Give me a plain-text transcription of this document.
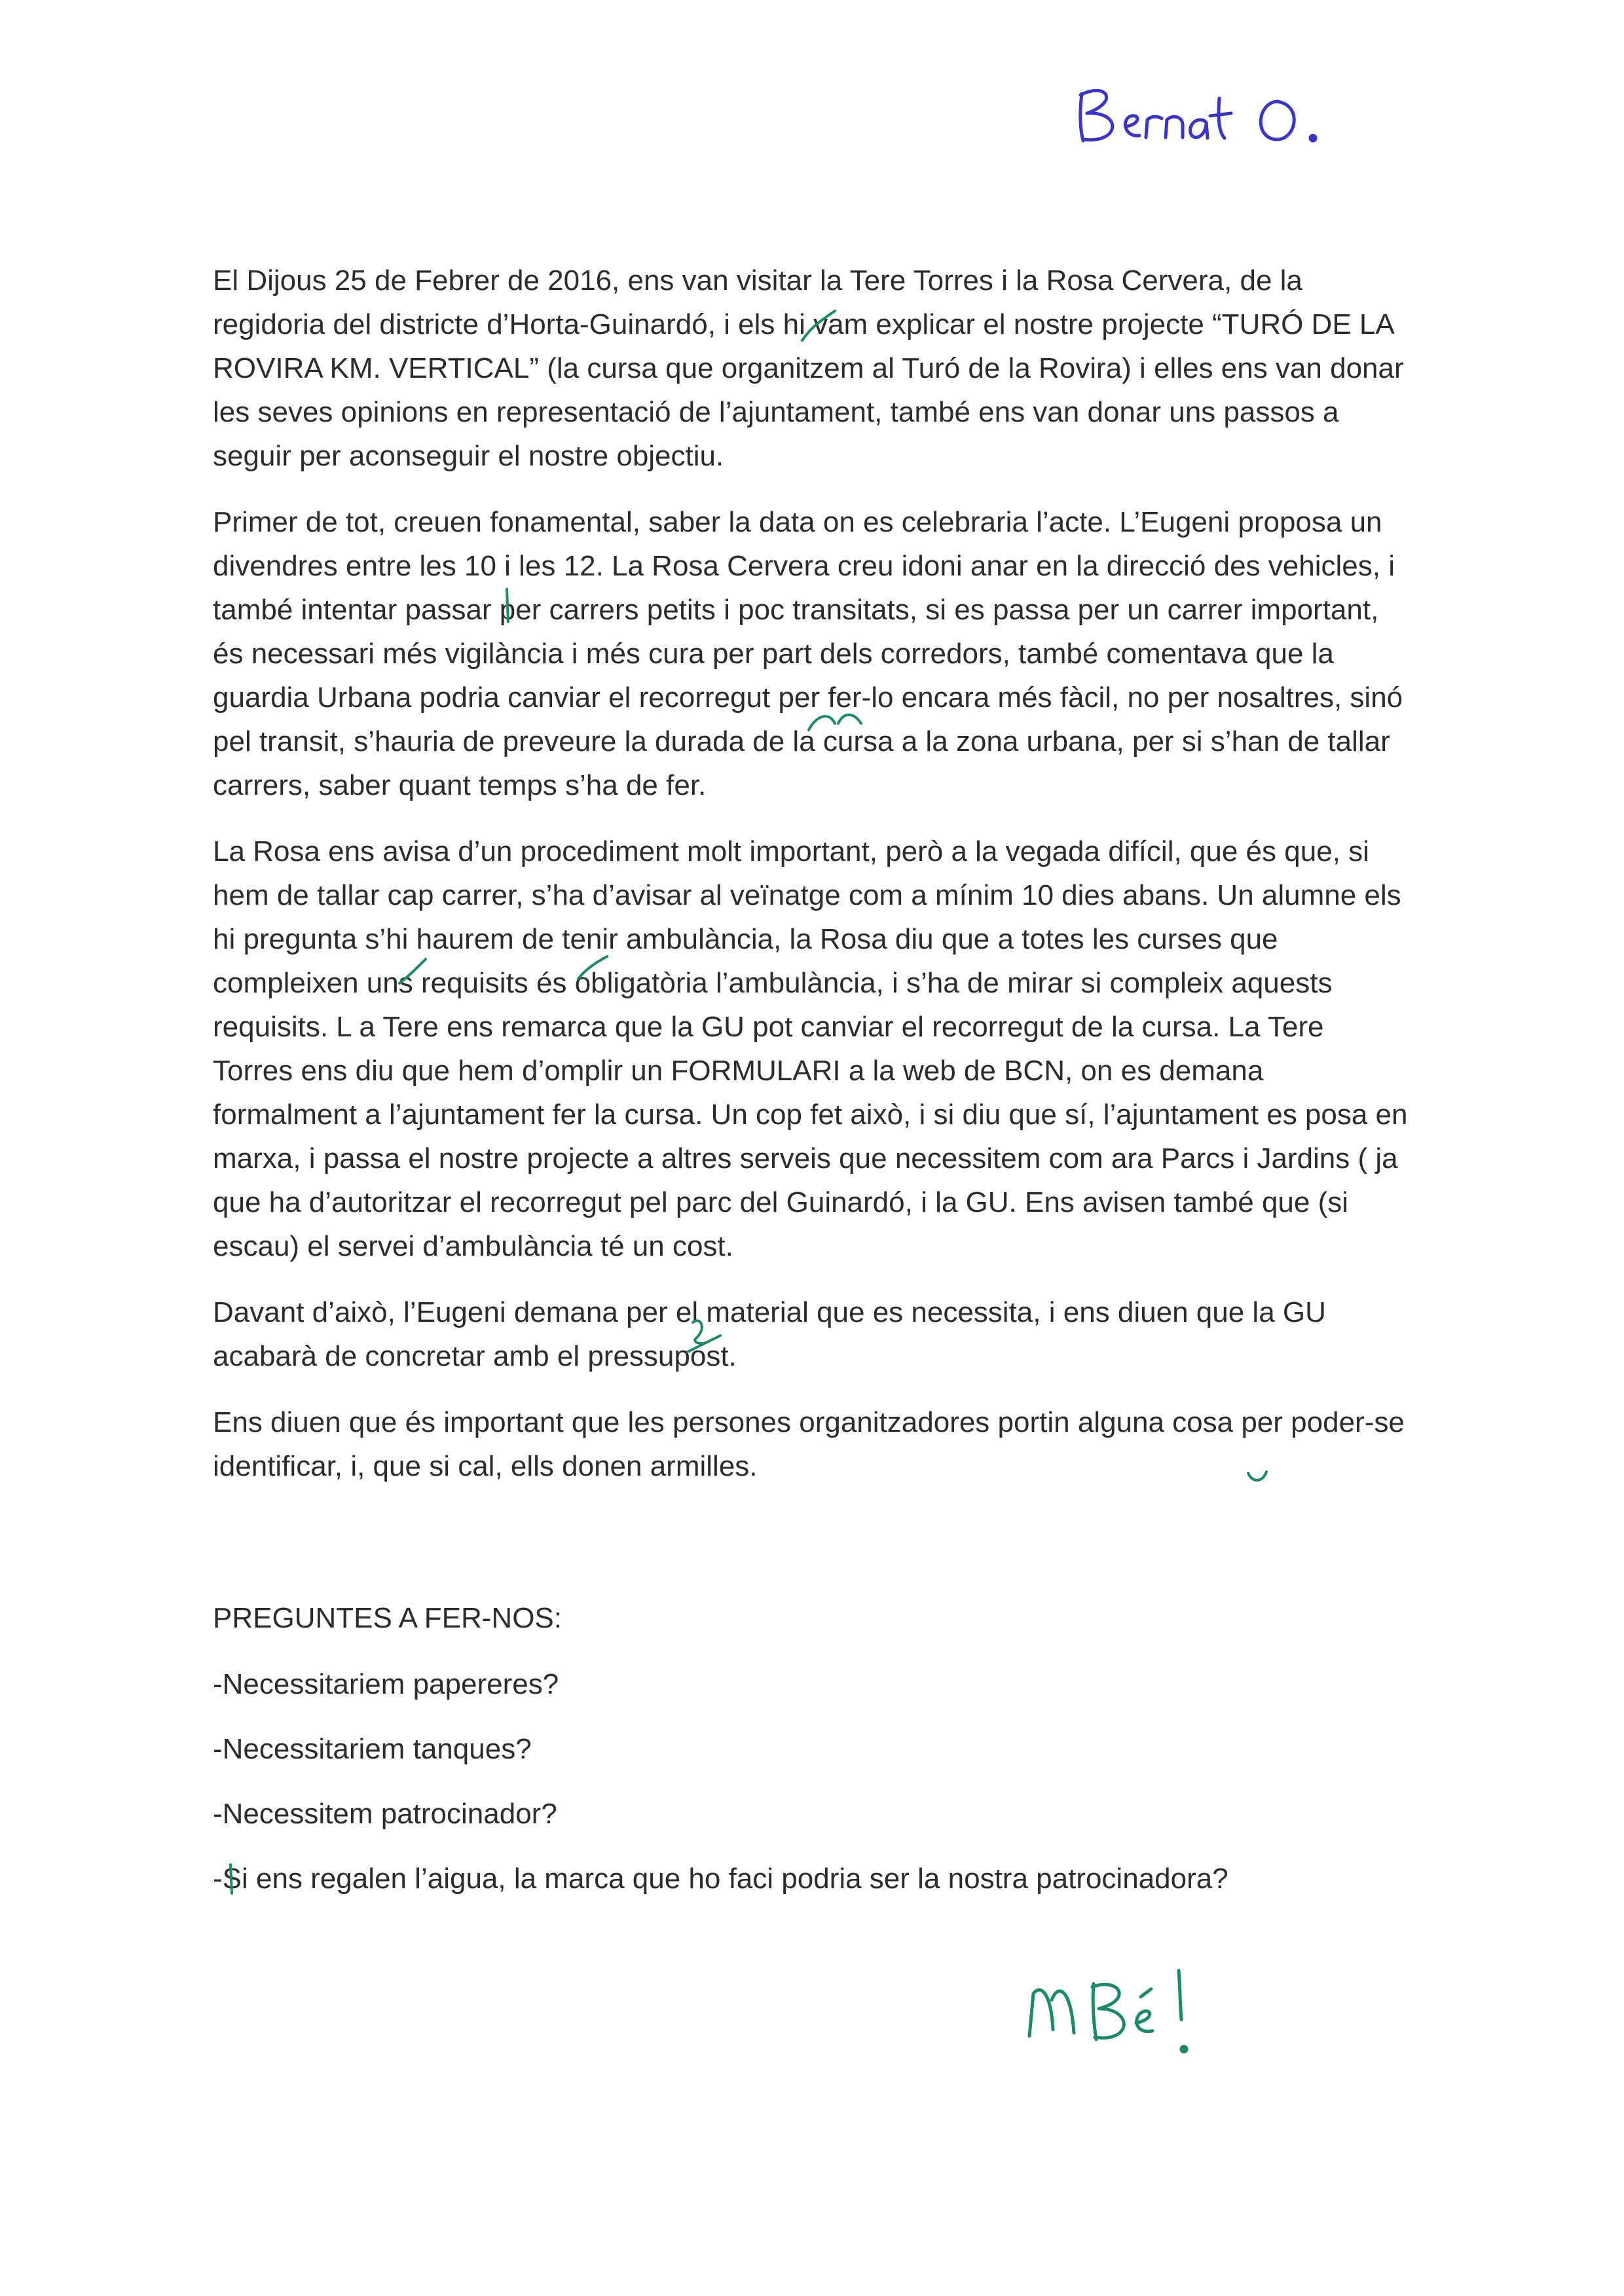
El Dijous 25 de Febrer de 2016, ens van visitar la Tere Torres i la Rosa Cervera, de la regidoria del districte d’Horta-Guinardó, i els hi vam explicar el nostre projecte “TURÓ DE LA ROVIRA KM. VERTICAL” (la cursa que organitzem al Turó de la Rovira) i elles ens van donar les seves opinions en representació de l’ajuntament, també ens van donar uns passos a seguir per aconseguir el nostre objectiu.

Primer de tot, creuen fonamental, saber la data on es celebraria l’acte. L’Eugeni proposa un divendres entre les 10 i les 12. La Rosa Cervera creu idoni anar en la direcció des vehicles, i també intentar passar per carrers petits i poc transitats, si es passa per un carrer important, és necessari més vigilància i més cura per part dels corredors, també comentava que la guardia Urbana podria canviar el recorregut per fer-lo encara més fàcil, no per nosaltres, sinó pel transit, s’hauria de preveure la durada de la cursa a la zona urbana, per si s’han de tallar carrers, saber quant temps s’ha de fer.

La Rosa ens avisa d’un procediment molt important, però a la vegada difícil, que és que, si hem de tallar cap carrer, s’ha d’avisar al veïnatge com a mínim 10 dies abans. Un alumne els hi pregunta s’hi haurem de tenir ambulància, la Rosa diu que a totes les curses que compleixen uns requisits és obligatòria l’ambulància, i s’ha de mirar si compleix aquests requisits. L a Tere ens remarca que la GU pot canviar el recorregut de la cursa. La Tere Torres ens diu que hem d’omplir un FORMULARI a la web de BCN, on es demana formalment a l’ajuntament fer la cursa. Un cop fet això, i si diu que sí, l’ajuntament es posa en marxa, i passa el nostre projecte a altres serveis que necessitem com ara Parcs i Jardins ( ja que ha d’autoritzar el recorregut pel parc del Guinardó, i la GU. Ens avisen també que (si escau) el servei d’ambulància té un cost.

Davant d’això, l’Eugeni demana per el material que es necessita, i ens diuen que la GU acabarà de concretar amb el pressupost.

Ens diuen que és important que les persones organitzadores portin alguna cosa per poder-se identificar, i, que si cal, ells donen armilles.

PREGUNTES A FER-NOS:

-Necessitariem papereres?

-Necessitariem tanques?

-Necessitem patrocinador?

-Si ens regalen l’aigua, la marca que ho faci podria ser la nostra patrocinadora?
